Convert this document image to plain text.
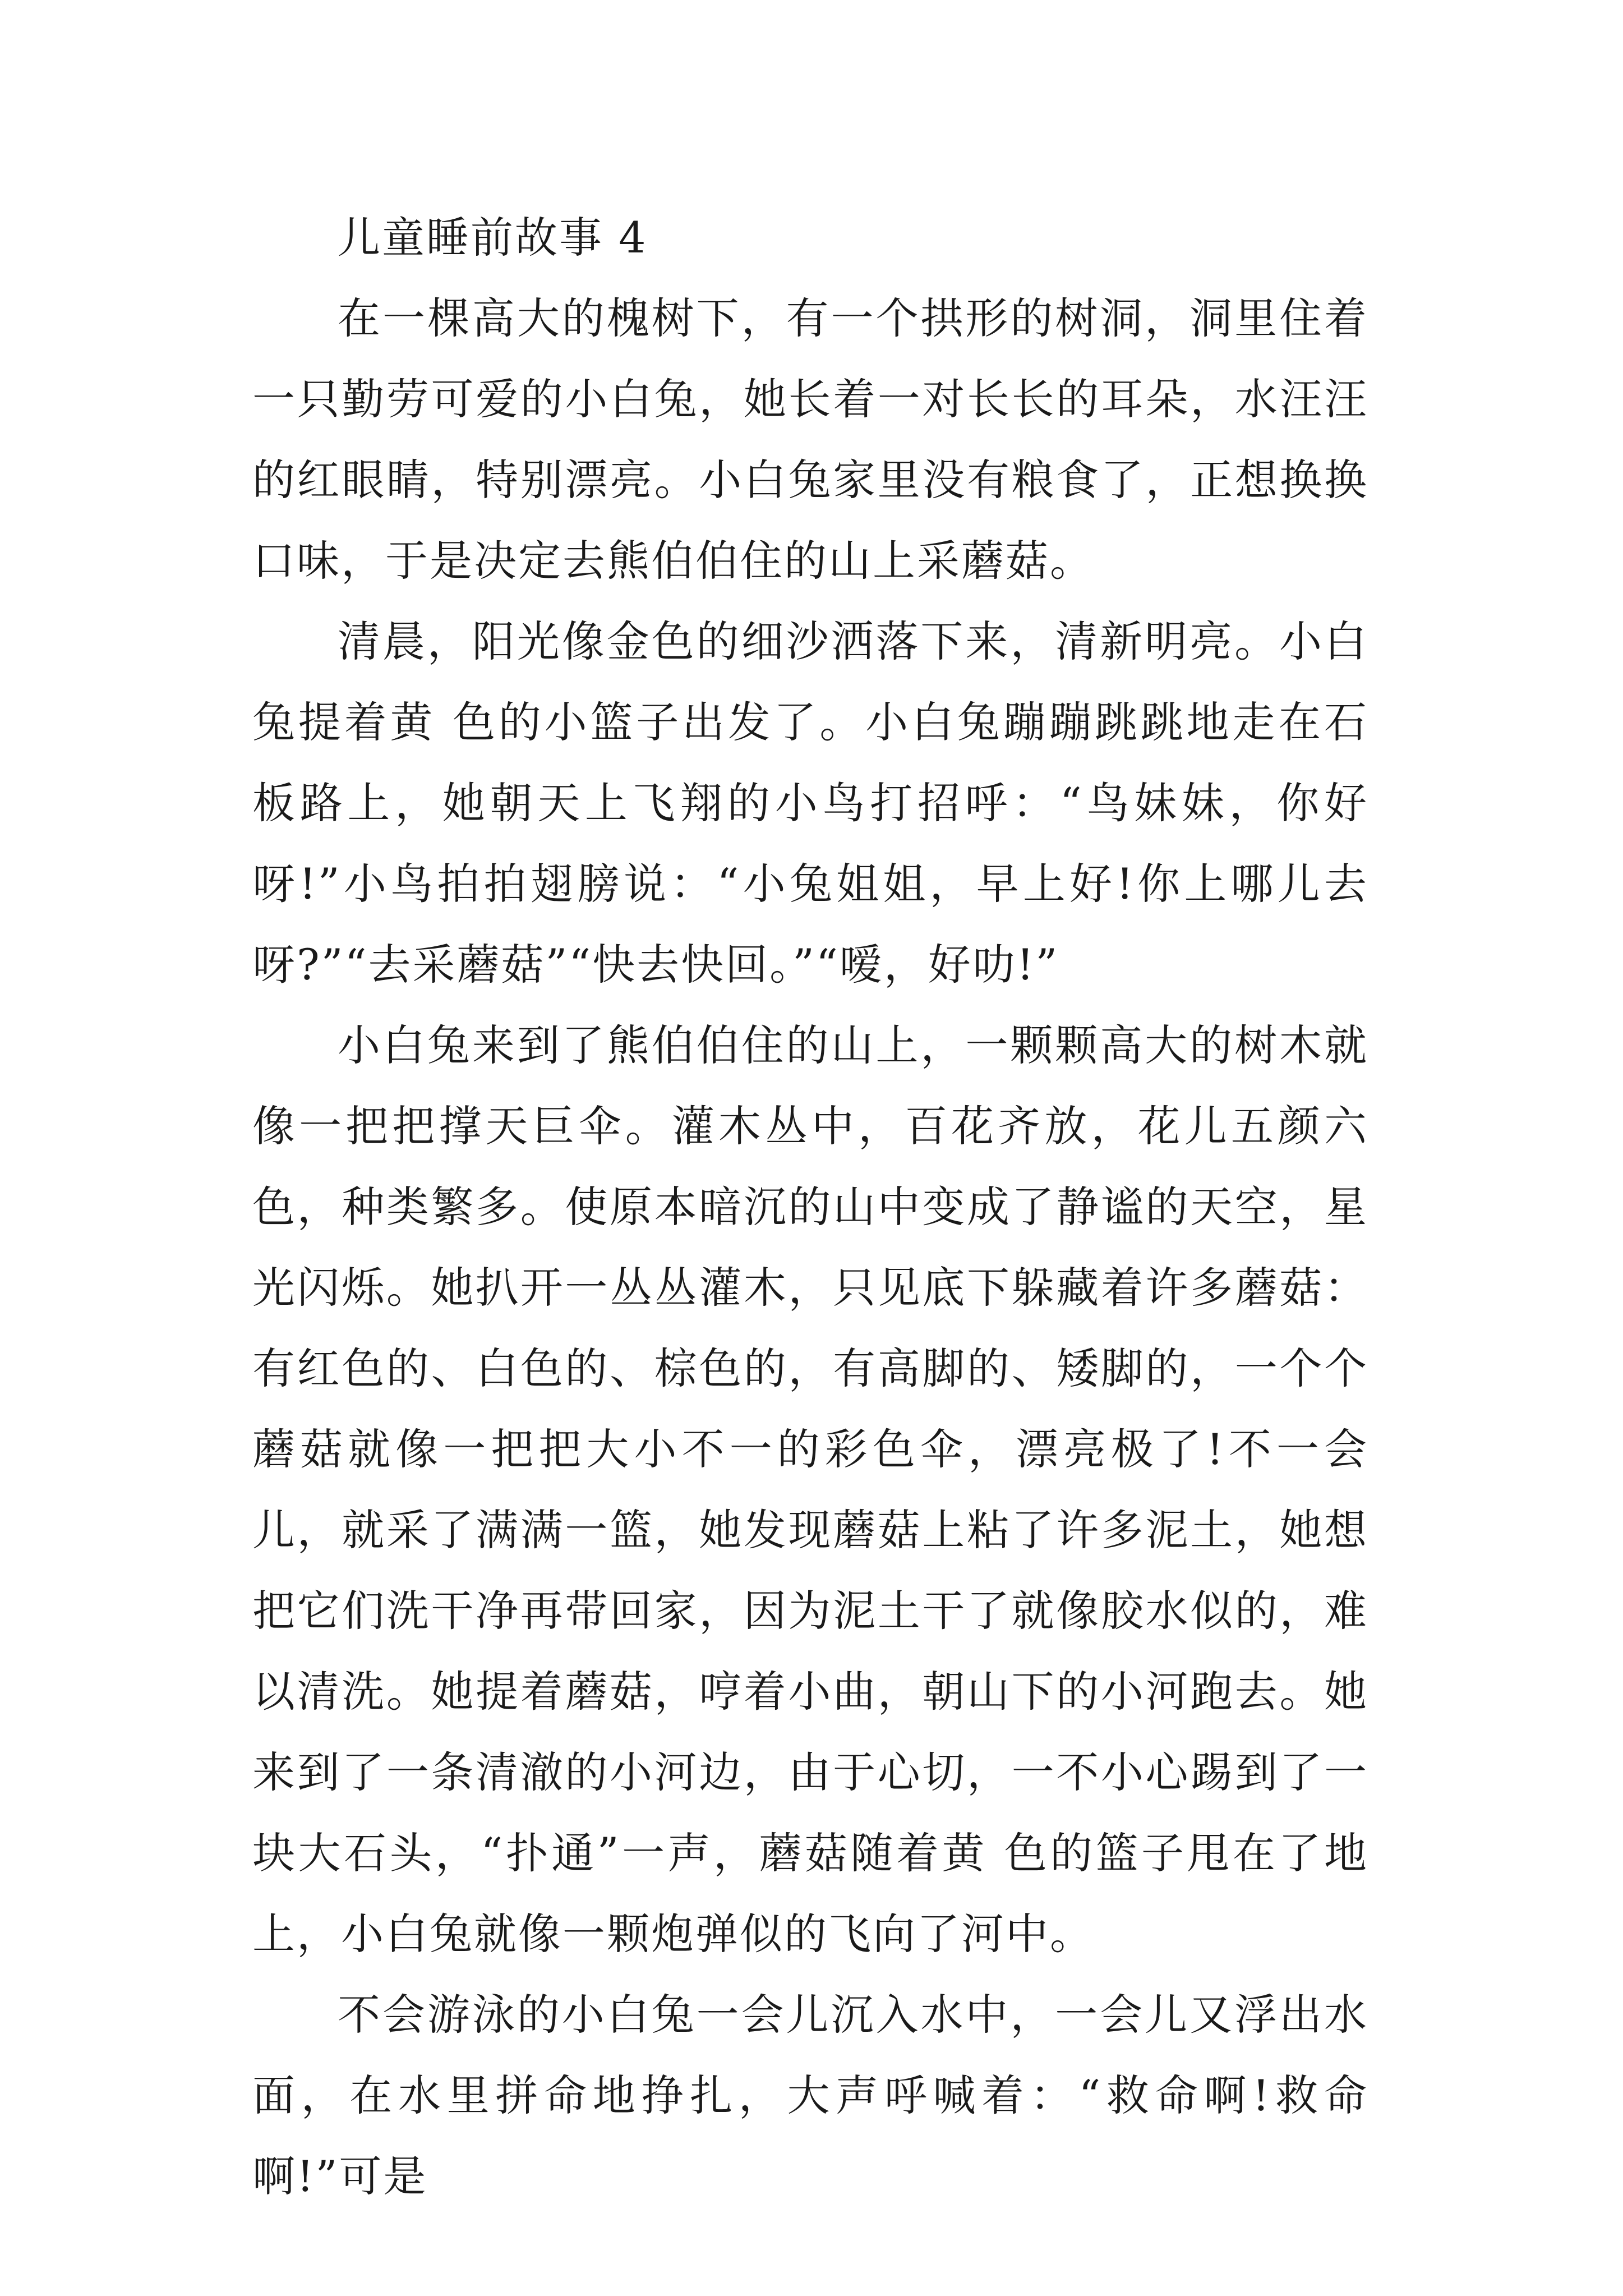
儿童睡前故事 4

在一棵高大的槐树下，有一个拱形的树洞，洞里住着一只勤劳可爱的小白兔，她长着一对长长的耳朵，水汪汪的红眼睛，特别漂亮。小白兔家里没有粮食了，正想换换口味，于是决定去熊伯伯住的山上采蘑菇。

清晨，阳光像金色的细沙洒落下来，清新明亮。小白兔提着黄 色的小篮子出发了。小白兔蹦蹦跳跳地走在石板路上，她朝天上飞翔的小鸟打招呼：“鸟妹妹，你好呀!”小鸟拍拍翅膀说：“小兔姐姐，早上好!你上哪儿去呀?”“去采蘑菇”“快去快回。”“嗳，好叻!”

小白兔来到了熊伯伯住的山上，一颗颗高大的树木就像一把把撑天巨伞。灌木丛中，百花齐放，花儿五颜六色，种类繁多。使原本暗沉的山中变成了静谧的天空，星光闪烁。她扒开一丛丛灌木，只见底下躲藏着许多蘑菇：有红色的、白色的、棕色的，有高脚的、矮脚的，一个个蘑菇就像一把把大小不一的彩色伞，漂亮极了!不一会儿，就采了满满一篮，她发现蘑菇上粘了许多泥土，她想把它们洗干净再带回家，因为泥土干了就像胶水似的，难以清洗。她提着蘑菇，哼着小曲，朝山下的小河跑去。她来到了一条清澈的小河边，由于心切，一不小心踢到了一块大石头，“扑通”一声，蘑菇随着黄 色的篮子甩在了地上，小白兔就像一颗炮弹似的飞向了河中。

不会游泳的小白兔一会儿沉入水中，一会儿又浮出水面，在水里拼命地挣扎，大声呼喊着：“救命啊!救命啊!”可是
